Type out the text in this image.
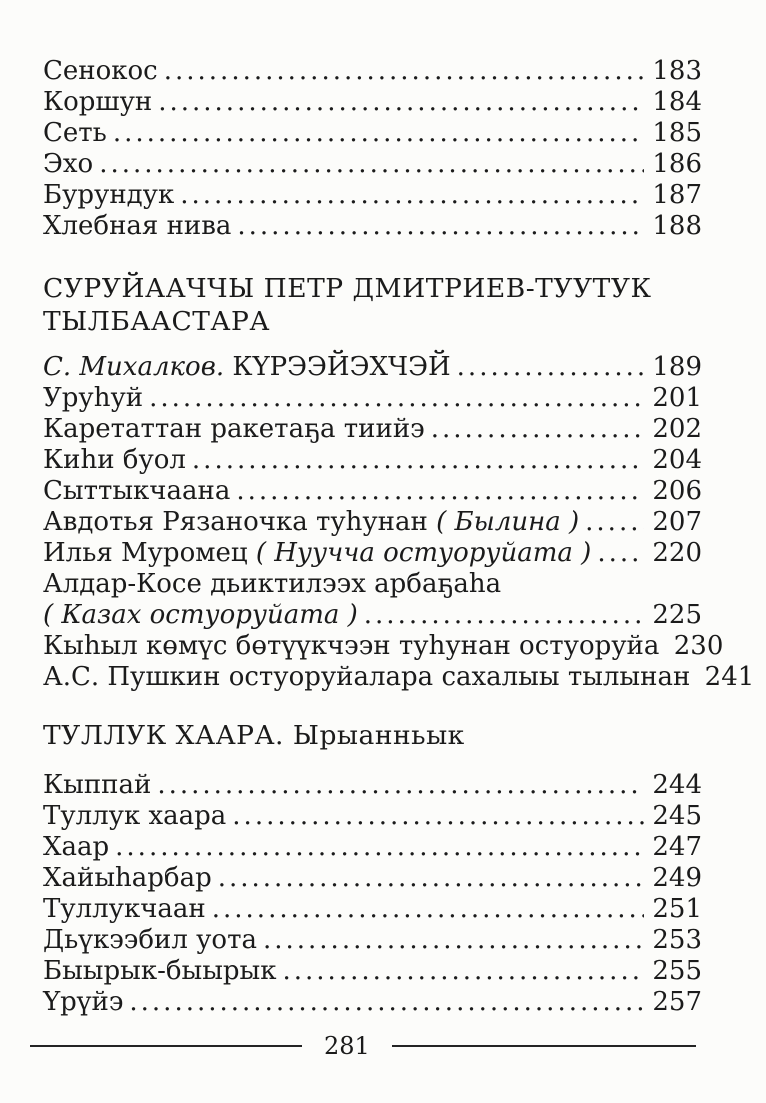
Сенокос .....	183
Коршун .....	184
Сеть .....	185
Эхо .....	186
Бурундук .....	187
Хлебная нива .....	188
СУРУЙААЧЧЫ ПЕТР ДМИТРИЕВ-ТУУТУК
ТЫЛБААСТАРА
С. Михалков. КҮРЭЭЙЭХЧЭЙ .....	189
Уруһуй .....	201
Каретаттан ракетаҕа тиийэ .....	202
Киһи буол .....	204
Сыттыкчаана .....	206
Авдотья Рязаночка туһунан ( Былина ) .....	207
Илья Муромец ( Нуучча остуоруйата ) ..... 220
Алдар-Косе дьиктилээх арбаҕаһа
( Казах остуоруйата ) .....	225
Кыһыл көмүс бөтүүкчээн туһунан остуоруйа 230
А.С. Пушкин остуоруйалара сахалыы тылынан 241
ТУЛЛУК ХААРА. Ырыанньык
Кыппай .....	244
Туллук хаара .....	245
Хаар .....	247
Хайыһарбар .....	249
Туллукчаан .....	251
Дьүкээбил уота .....	253
Быырык-быырык .....	255
Үрүйэ .....	257
281
